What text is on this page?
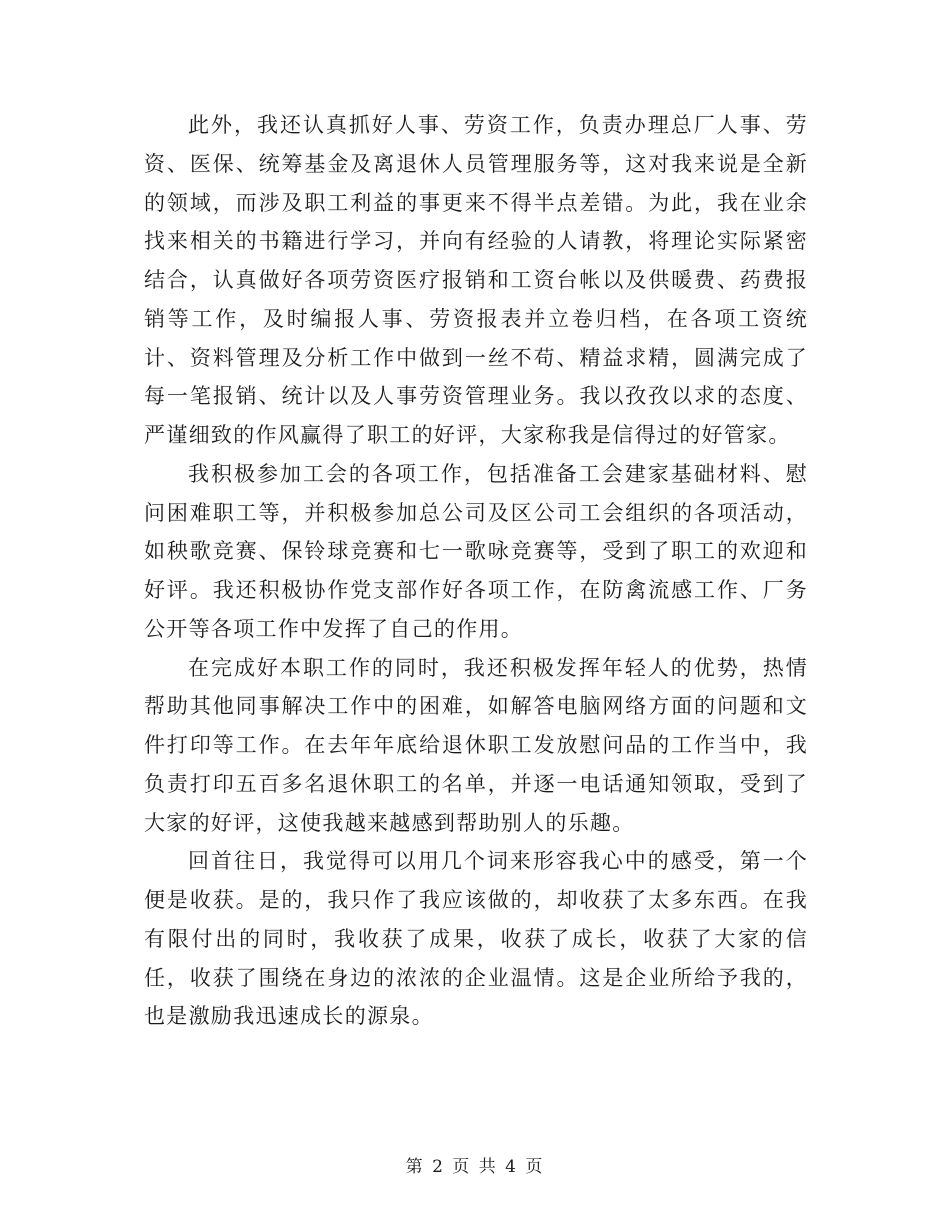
此外，我还认真抓好人事、劳资工作，负责办理总厂人事、劳资、医保、统筹基金及离退休人员管理服务等，这对我来说是全新的领域，而涉及职工利益的事更来不得半点差错。为此，我在业余找来相关的书籍进行学习，并向有经验的人请教，将理论实际紧密结合，认真做好各项劳资医疗报销和工资台帐以及供暖费、药费报销等工作，及时编报人事、劳资报表并立卷归档，在各项工资统计、资料管理及分析工作中做到一丝不苟、精益求精，圆满完成了每一笔报销、统计以及人事劳资管理业务。我以孜孜以求的态度、严谨细致的作风赢得了职工的好评，大家称我是信得过的好管家。

我积极参加工会的各项工作，包括准备工会建家基础材料、慰问困难职工等，并积极参加总公司及区公司工会组织的各项活动，如秧歌竞赛、保铃球竞赛和七一歌咏竞赛等，受到了职工的欢迎和好评。我还积极协作党支部作好各项工作，在防禽流感工作、厂务公开等各项工作中发挥了自己的作用。

在完成好本职工作的同时，我还积极发挥年轻人的优势，热情帮助其他同事解决工作中的困难，如解答电脑网络方面的问题和文件打印等工作。在去年年底给退休职工发放慰问品的工作当中，我负责打印五百多名退休职工的名单，并逐一电话通知领取，受到了大家的好评，这使我越来越感到帮助别人的乐趣。

回首往日，我觉得可以用几个词来形容我心中的感受，第一个便是收获。是的，我只作了我应该做的，却收获了太多东西。在我有限付出的同时，我收获了成果，收获了成长，收获了大家的信任，收获了围绕在身边的浓浓的企业温情。这是企业所给予我的，也是激励我迅速成长的源泉。

第 2 页 共 4 页
